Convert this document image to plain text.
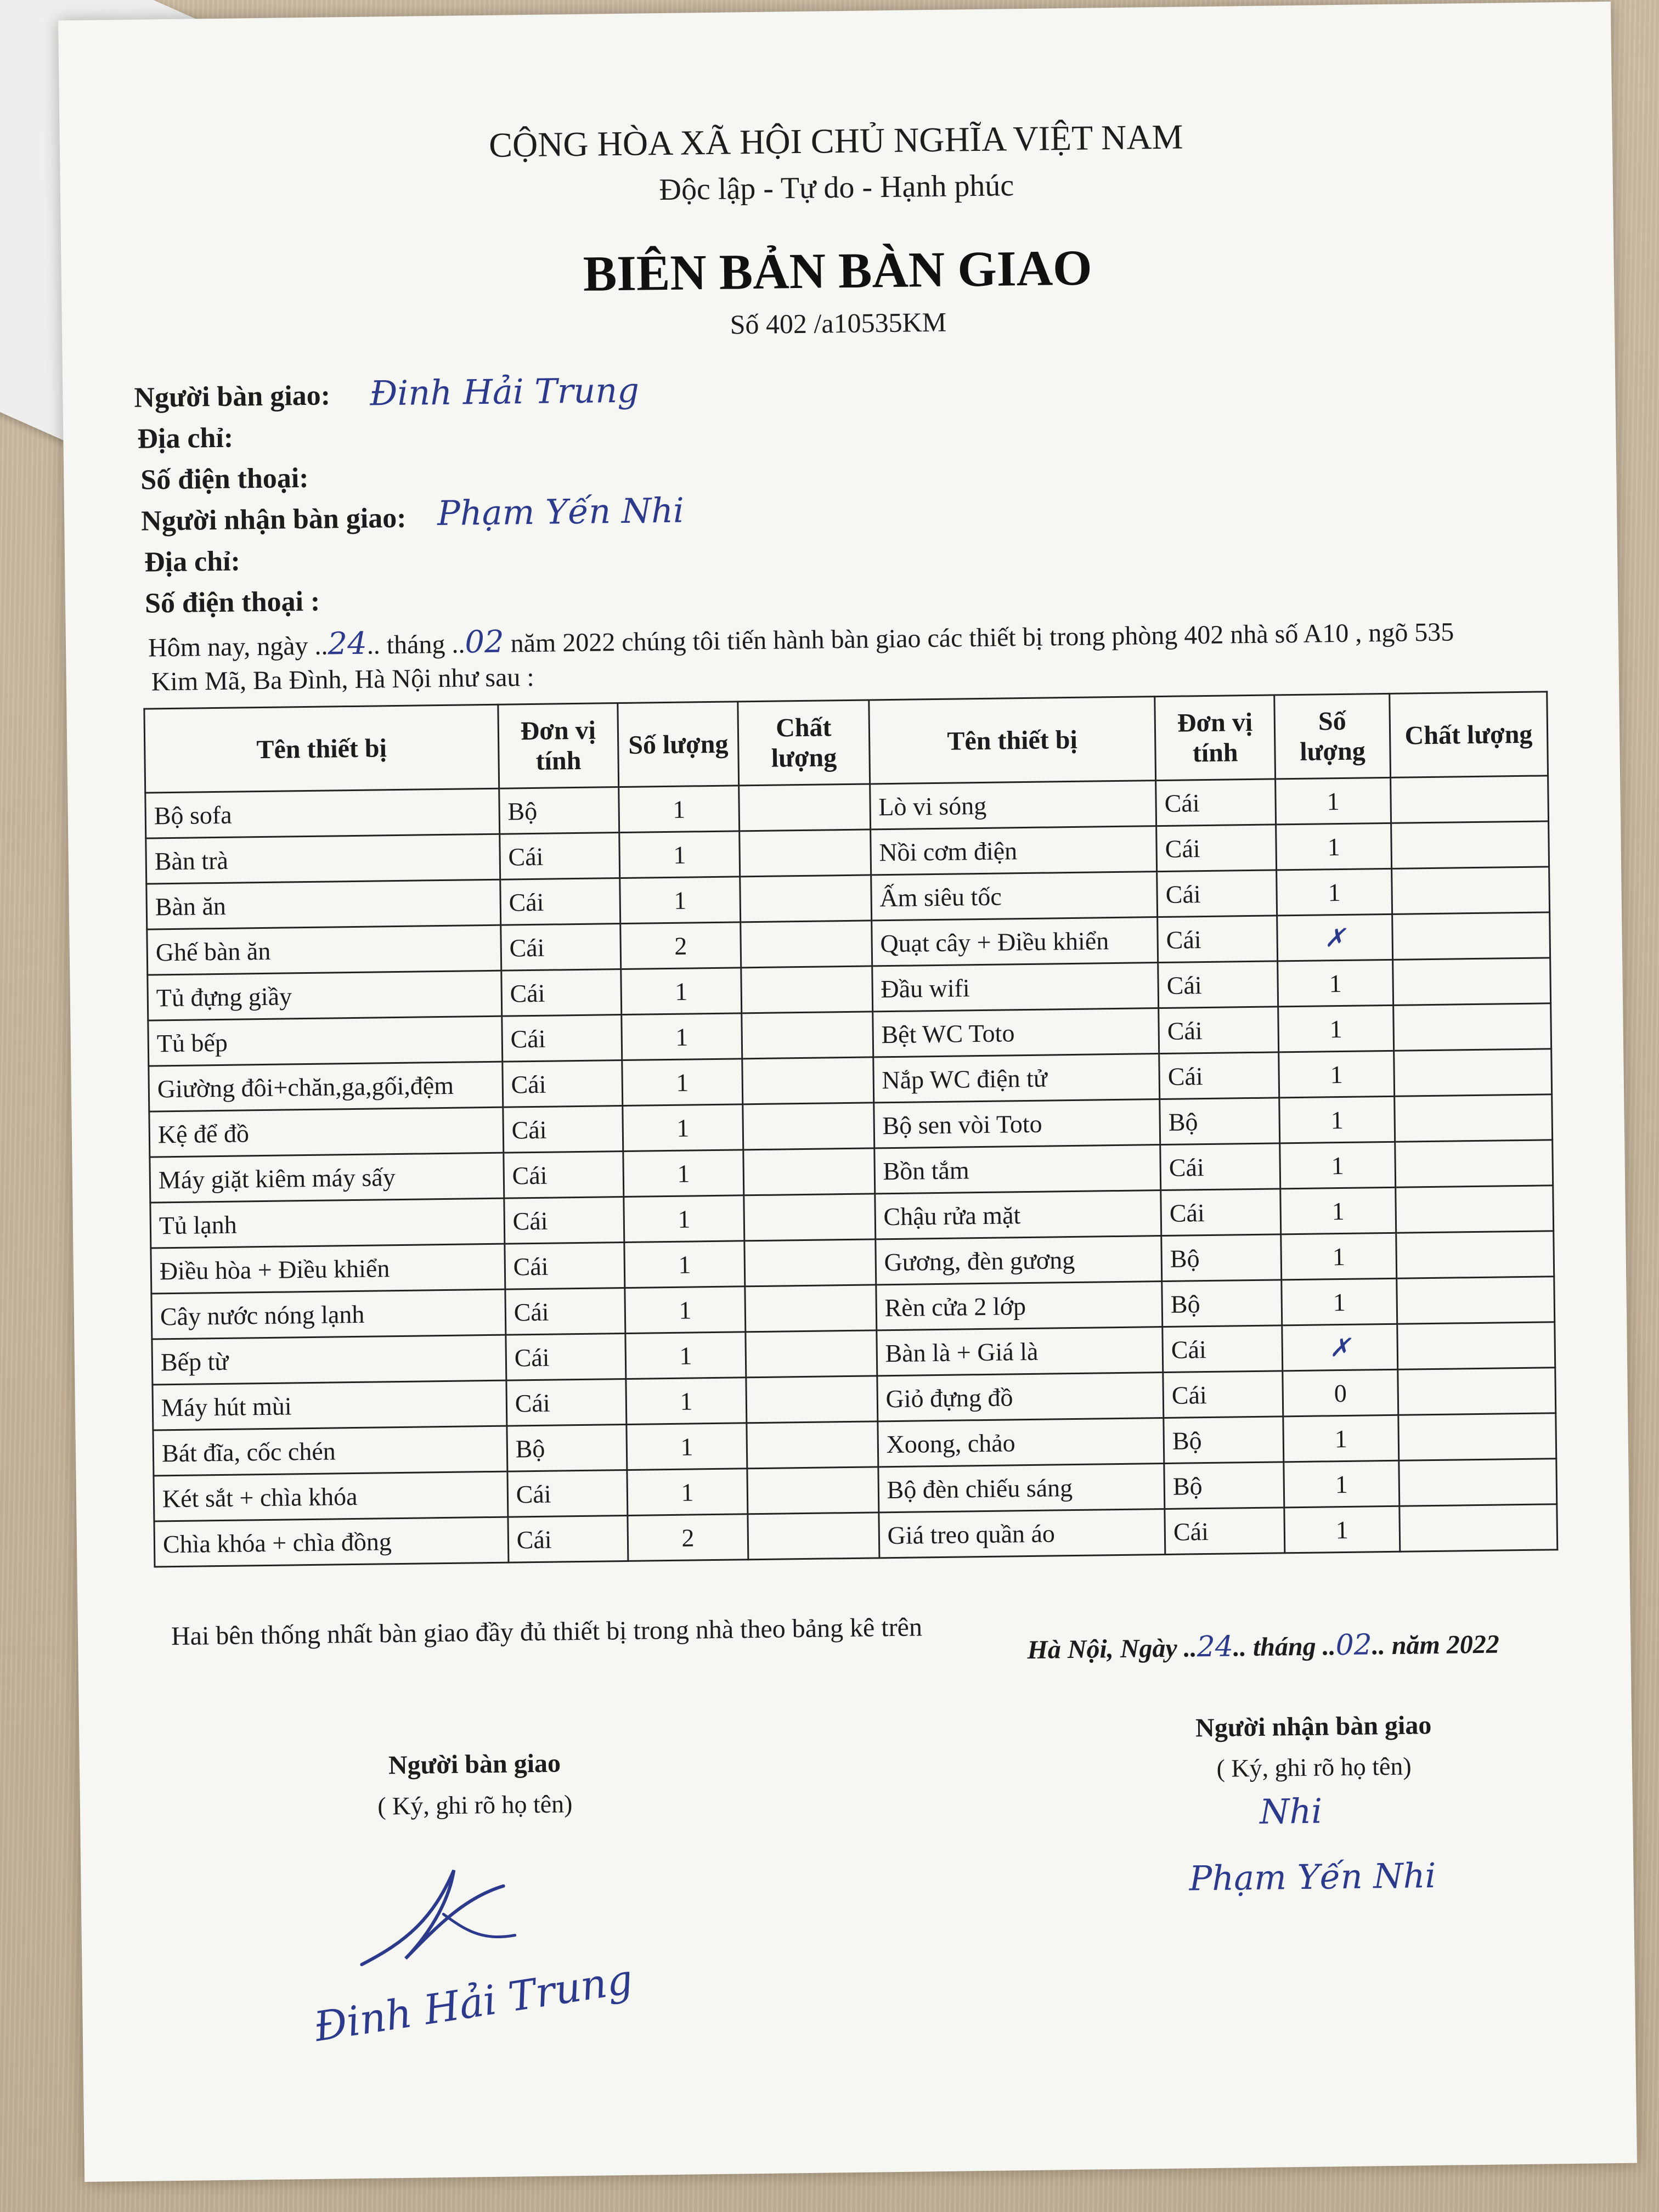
CỘNG HÒA XÃ HỘI CHỦ NGHĨA VIỆT NAM
Độc lập - Tự do - Hạnh phúc
BIÊN BẢN BÀN GIAO
Số 402 /a10535KM
Người bàn giao: Đinh Hải Trung
Địa chỉ:
Số điện thoại:
Người nhận bàn giao: Phạm Yến Nhi
Địa chỉ:
Số điện thoại :
Hôm nay, ngày ..24.. tháng ..02 năm 2022 chúng tôi tiến hành bàn giao các thiết bị trong phòng 402 nhà số A10 , ngõ 535
Kim Mã, Ba Đình, Hà Nội như sau :
Tên thiết bị	Đơn vị tính	Số lượng	Chất lượng	Tên thiết bị	Đơn vị tính	Số lượng	Chất lượng
Bộ sofa	Bộ	1		Lò vi sóng	Cái	1	
Bàn trà	Cái	1		Nồi cơm điện	Cái	1	
Bàn ăn	Cái	1		Ấm siêu tốc	Cái	1	
Ghế bàn ăn	Cái	2		Quạt cây + Điều khiển	Cái	✗	
Tủ đựng giầy	Cái	1		Đầu wifi	Cái	1	
Tủ bếp	Cái	1		Bệt WC Toto	Cái	1	
Giường đôi+chăn,ga,gối,đệm	Cái	1		Nắp WC điện tử	Cái	1	
Kệ để đồ	Cái	1		Bộ sen vòi Toto	Bộ	1	
Máy giặt kiêm máy sấy	Cái	1		Bồn tắm	Cái	1	
Tủ lạnh	Cái	1		Chậu rửa mặt	Cái	1	
Điều hòa + Điều khiển	Cái	1		Gương, đèn gương	Bộ	1	
Cây nước nóng lạnh	Cái	1		Rèn cửa 2 lớp	Bộ	1	
Bếp từ	Cái	1		Bàn là + Giá là	Cái	✗	
Máy hút mùi	Cái	1		Giỏ đựng đồ	Cái	0	
Bát đĩa, cốc chén	Bộ	1		Xoong, chảo	Bộ	1	
Két sắt + chìa khóa	Cái	1		Bộ đèn chiếu sáng	Bộ	1	
Chìa khóa + chìa đồng	Cái	2		Giá treo quần áo	Cái	1	
Hai bên thống nhất bàn giao đầy đủ thiết bị trong nhà theo bảng kê trên	Hà Nội, Ngày ..24.. tháng ..02.. năm 2022
Người bàn giao
( Ký, ghi rõ họ tên)
Đinh Hải Trung
Người nhận bàn giao
( Ký, ghi rõ họ tên)
Nhi
Phạm Yến Nhi
